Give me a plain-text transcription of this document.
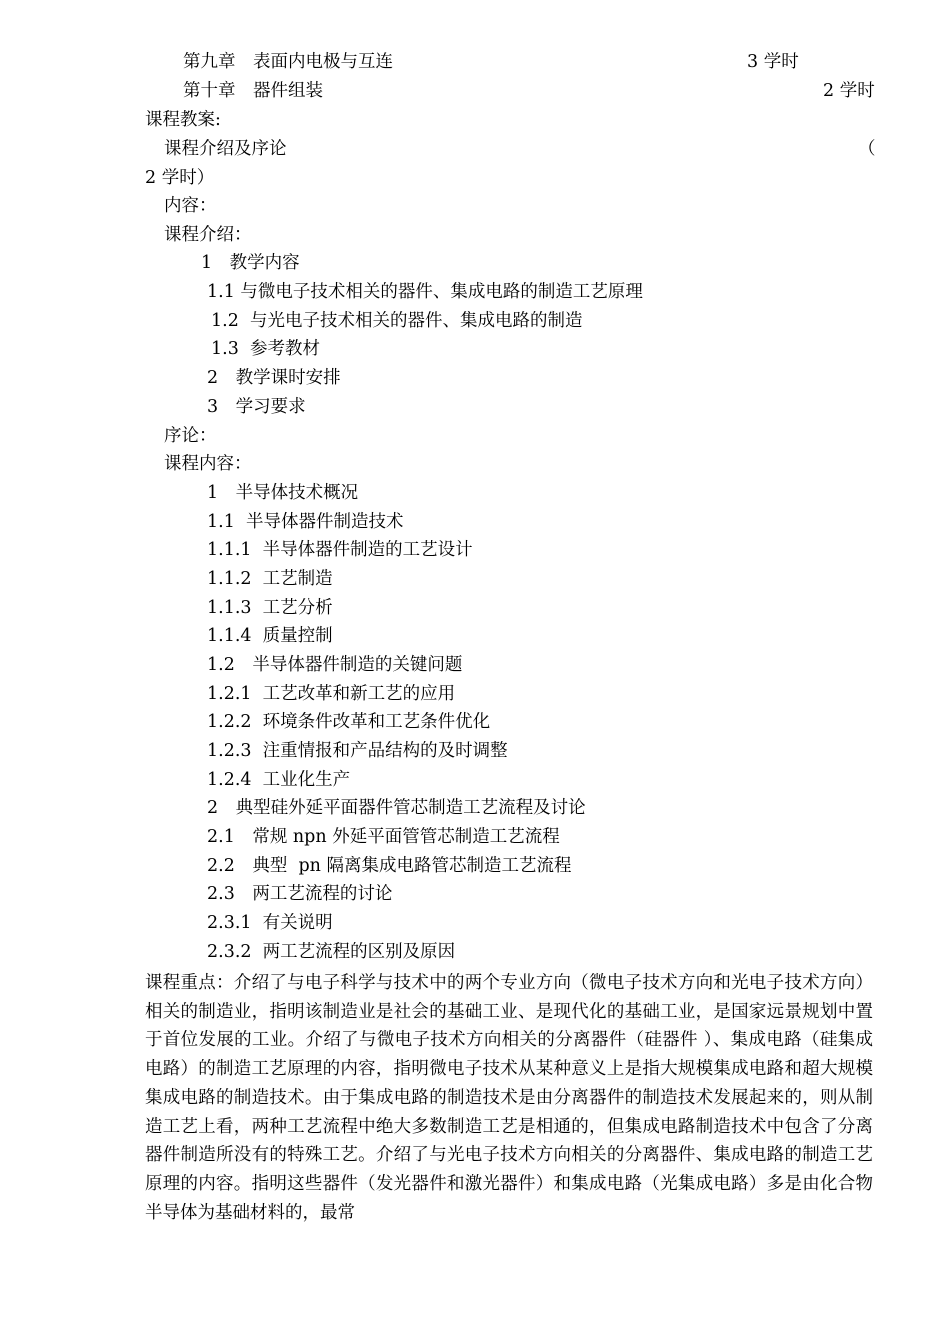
第九章　表面内电极与互连	3 学时
第十章　器件组装	2 学时
课程教案:
课程介绍及序论	（
2 学时）
内容：
课程介绍：
1　教学内容
1.1 与微电子技术相关的器件、集成电路的制造工艺原理
1.2  与光电子技术相关的器件、集成电路的制造
1.3  参考教材
2　教学课时安排
3　学习要求
序论：
课程内容：
1　半导体技术概况
1.1  半导体器件制造技术
1.1.1  半导体器件制造的工艺设计
1.1.2  工艺制造
1.1.3  工艺分析
1.1.4  质量控制
1.2　半导体器件制造的关键问题
1.2.1  工艺改革和新工艺的应用
1.2.2  环境条件改革和工艺条件优化
1.2.3  注重情报和产品结构的及时调整
1.2.4  工业化生产
2　典型硅外延平面器件管芯制造工艺流程及讨论
2.1　常规 npn 外延平面管管芯制造工艺流程
2.2　典型  pn 隔离集成电路管芯制造工艺流程
2.3　两工艺流程的讨论
2.3.1  有关说明
2.3.2  两工艺流程的区别及原因
课程重点：介绍了与电子科学与技术中的两个专业方向（微电子技术方向和光电子技术方向）相关的制造业，指明该制造业是社会的基础工业、是现代化的基础工业，是国家远景规划中置于首位发展的工业。介绍了与微电子技术方向相关的分离器件（硅器件 ）、集成电路（硅集成电路）的制造工艺原理的内容，指明微电子技术从某种意义上是指大规模集成电路和超大规模集成电路的制造技术。由于集成电路的制造技术是由分离器件的制造技术发展起来的，则从制造工艺上看，两种工艺流程中绝大多数制造工艺是相通的，但集成电路制造技术中包含了分离器件制造所没有的特殊工艺。介绍了与光电子技术方向相关的分离器件、集成电路的制造工艺原理的内容。指明这些器件（发光器件和激光器件）和集成电路（光集成电路）多是由化合物半导体为基础材料的，最常
